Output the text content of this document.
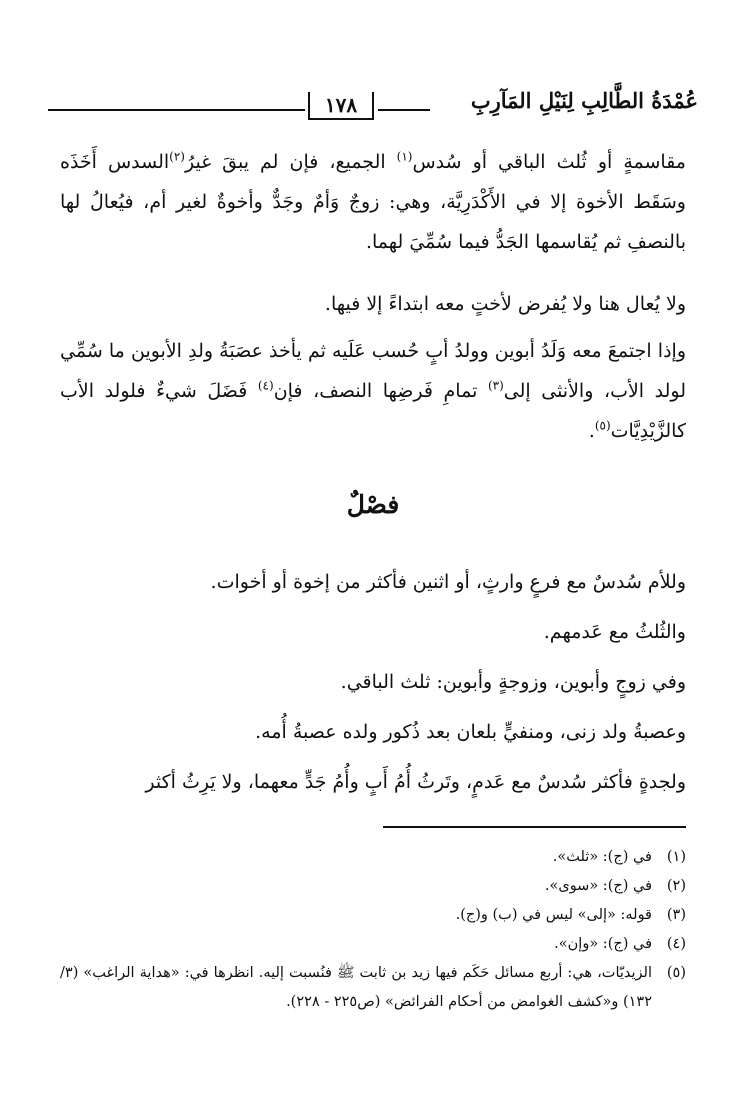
عُمْدَةُ الطَّالِبِ لِنَيْلِ المَآرِبِ
١٧٨

مقاسمةٍ أو ثُلث الباقي أو سُدس$^{(١)}$ الجميع، فإن لم يبقَ غيرُ$^{(٢)}$السدس أَخَذَه وسَقَط الأخوة إلا في الأَكْدَرِيَّة، وهي: زوجٌ وَأمٌ وجَدٌّ وأخوةٌ لغير أم، فيُعالُ لها بالنصفِ ثم يُقاسمها الجَدُّ فيما سُمِّيَ لهما.

ولا يُعال هنا ولا يُفرض لأختٍ معه ابتداءً إلا فيها.

وإذا اجتمعَ معه وَلَدُ أبوين وولدُ أبٍ حُسب عَلَيه ثم يأخذ عصَبَةُ ولدِ الأبوين ما سُمِّي لولد الأب، والأنثى إلى$^{(٣)}$ تمامِ فَرضِها النصف، فإن$^{(٤)}$ فَضَلَ شيءٌ فلولد الأب كالزَّيْدِيَّات$^{(٥)}$.

فصْلٌ

وللأم سُدسٌ مع فرعٍ وارثٍ، أو اثنين فأكثر من إخوة أو أخوات.

والثُلثُ مع عَدمهم.

وفي زوجٍ وأبوين، وزوجةٍ وأبوين: ثلث الباقي.

وعصبةُ ولد زنى، ومنفيٍّ بلعان بعد ذُكور ولده عصبةُ أُمه.

ولجدةٍ فأكثر سُدسٌ مع عَدمٍ، وتَرثُ أُمُ أَبٍ وأُمُ جَدٍّ معهما، ولا يَرِثُ أكثر

(١)
في (ج): «ثلث».
(٢)
في (ج): «سوى».
(٣)
قوله: «إلى» ليس في (ب) و(ج).
(٤)
في (ج): «وإن».
(٥)
الزيديّات، هي: أربع مسائل حَكَم فيها زيد بن ثابت ﷺ فنُسبت إليه. انظرها في: «هداية الراغب» (٣/ ١٣٢) و«كشف الغوامض من أحكام الفرائض» (ص٢٢٥ - ٢٢٨).
